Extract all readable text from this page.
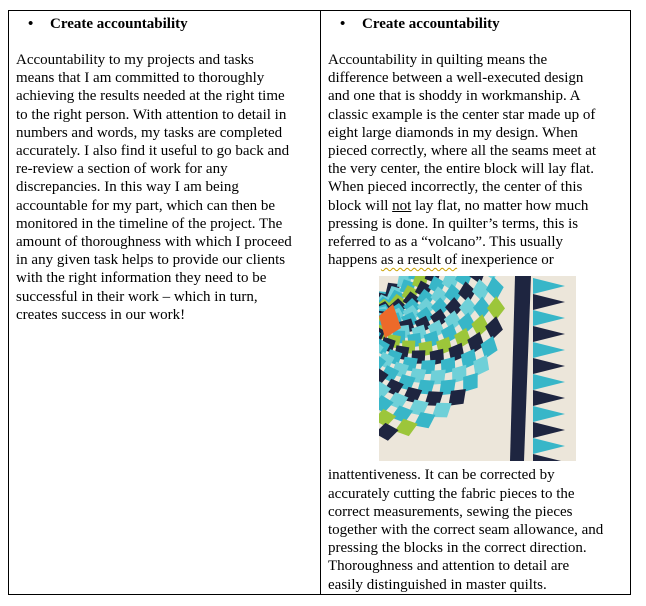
• Create accountability

Accountability to my projects and tasks
means that I am committed to thoroughly
achieving the results needed at the right time
to the right person. With attention to detail in
numbers and words, my tasks are completed
accurately. I also find it useful to go back and
re-review a section of work for any
discrepancies. In this way I am being
accountable for my part, which can then be
monitored in the timeline of the project. The
amount of thoroughness with which I proceed
in any given task helps to provide our clients
with the right information they need to be
successful in their work – which in turn,
creates success in our work!

• Create accountability

Accountability in quilting means the
difference between a well-executed design
and one that is shoddy in workmanship. A
classic example is the center star made up of
eight large diamonds in my design. When
pieced correctly, where all the seams meet at
the very center, the entire block will lay flat.
When pieced incorrectly, the center of this
block will not lay flat, no matter how much
pressing is done. In quilter’s terms, this is
referred to as a “volcano”. This usually
happens as a result of inexperience or

inattentiveness. It can be corrected by
accurately cutting the fabric pieces to the
correct measurements, sewing the pieces
together with the correct seam allowance, and
pressing the blocks in the correct direction.
Thoroughness and attention to detail are
easily distinguished in master quilts.
